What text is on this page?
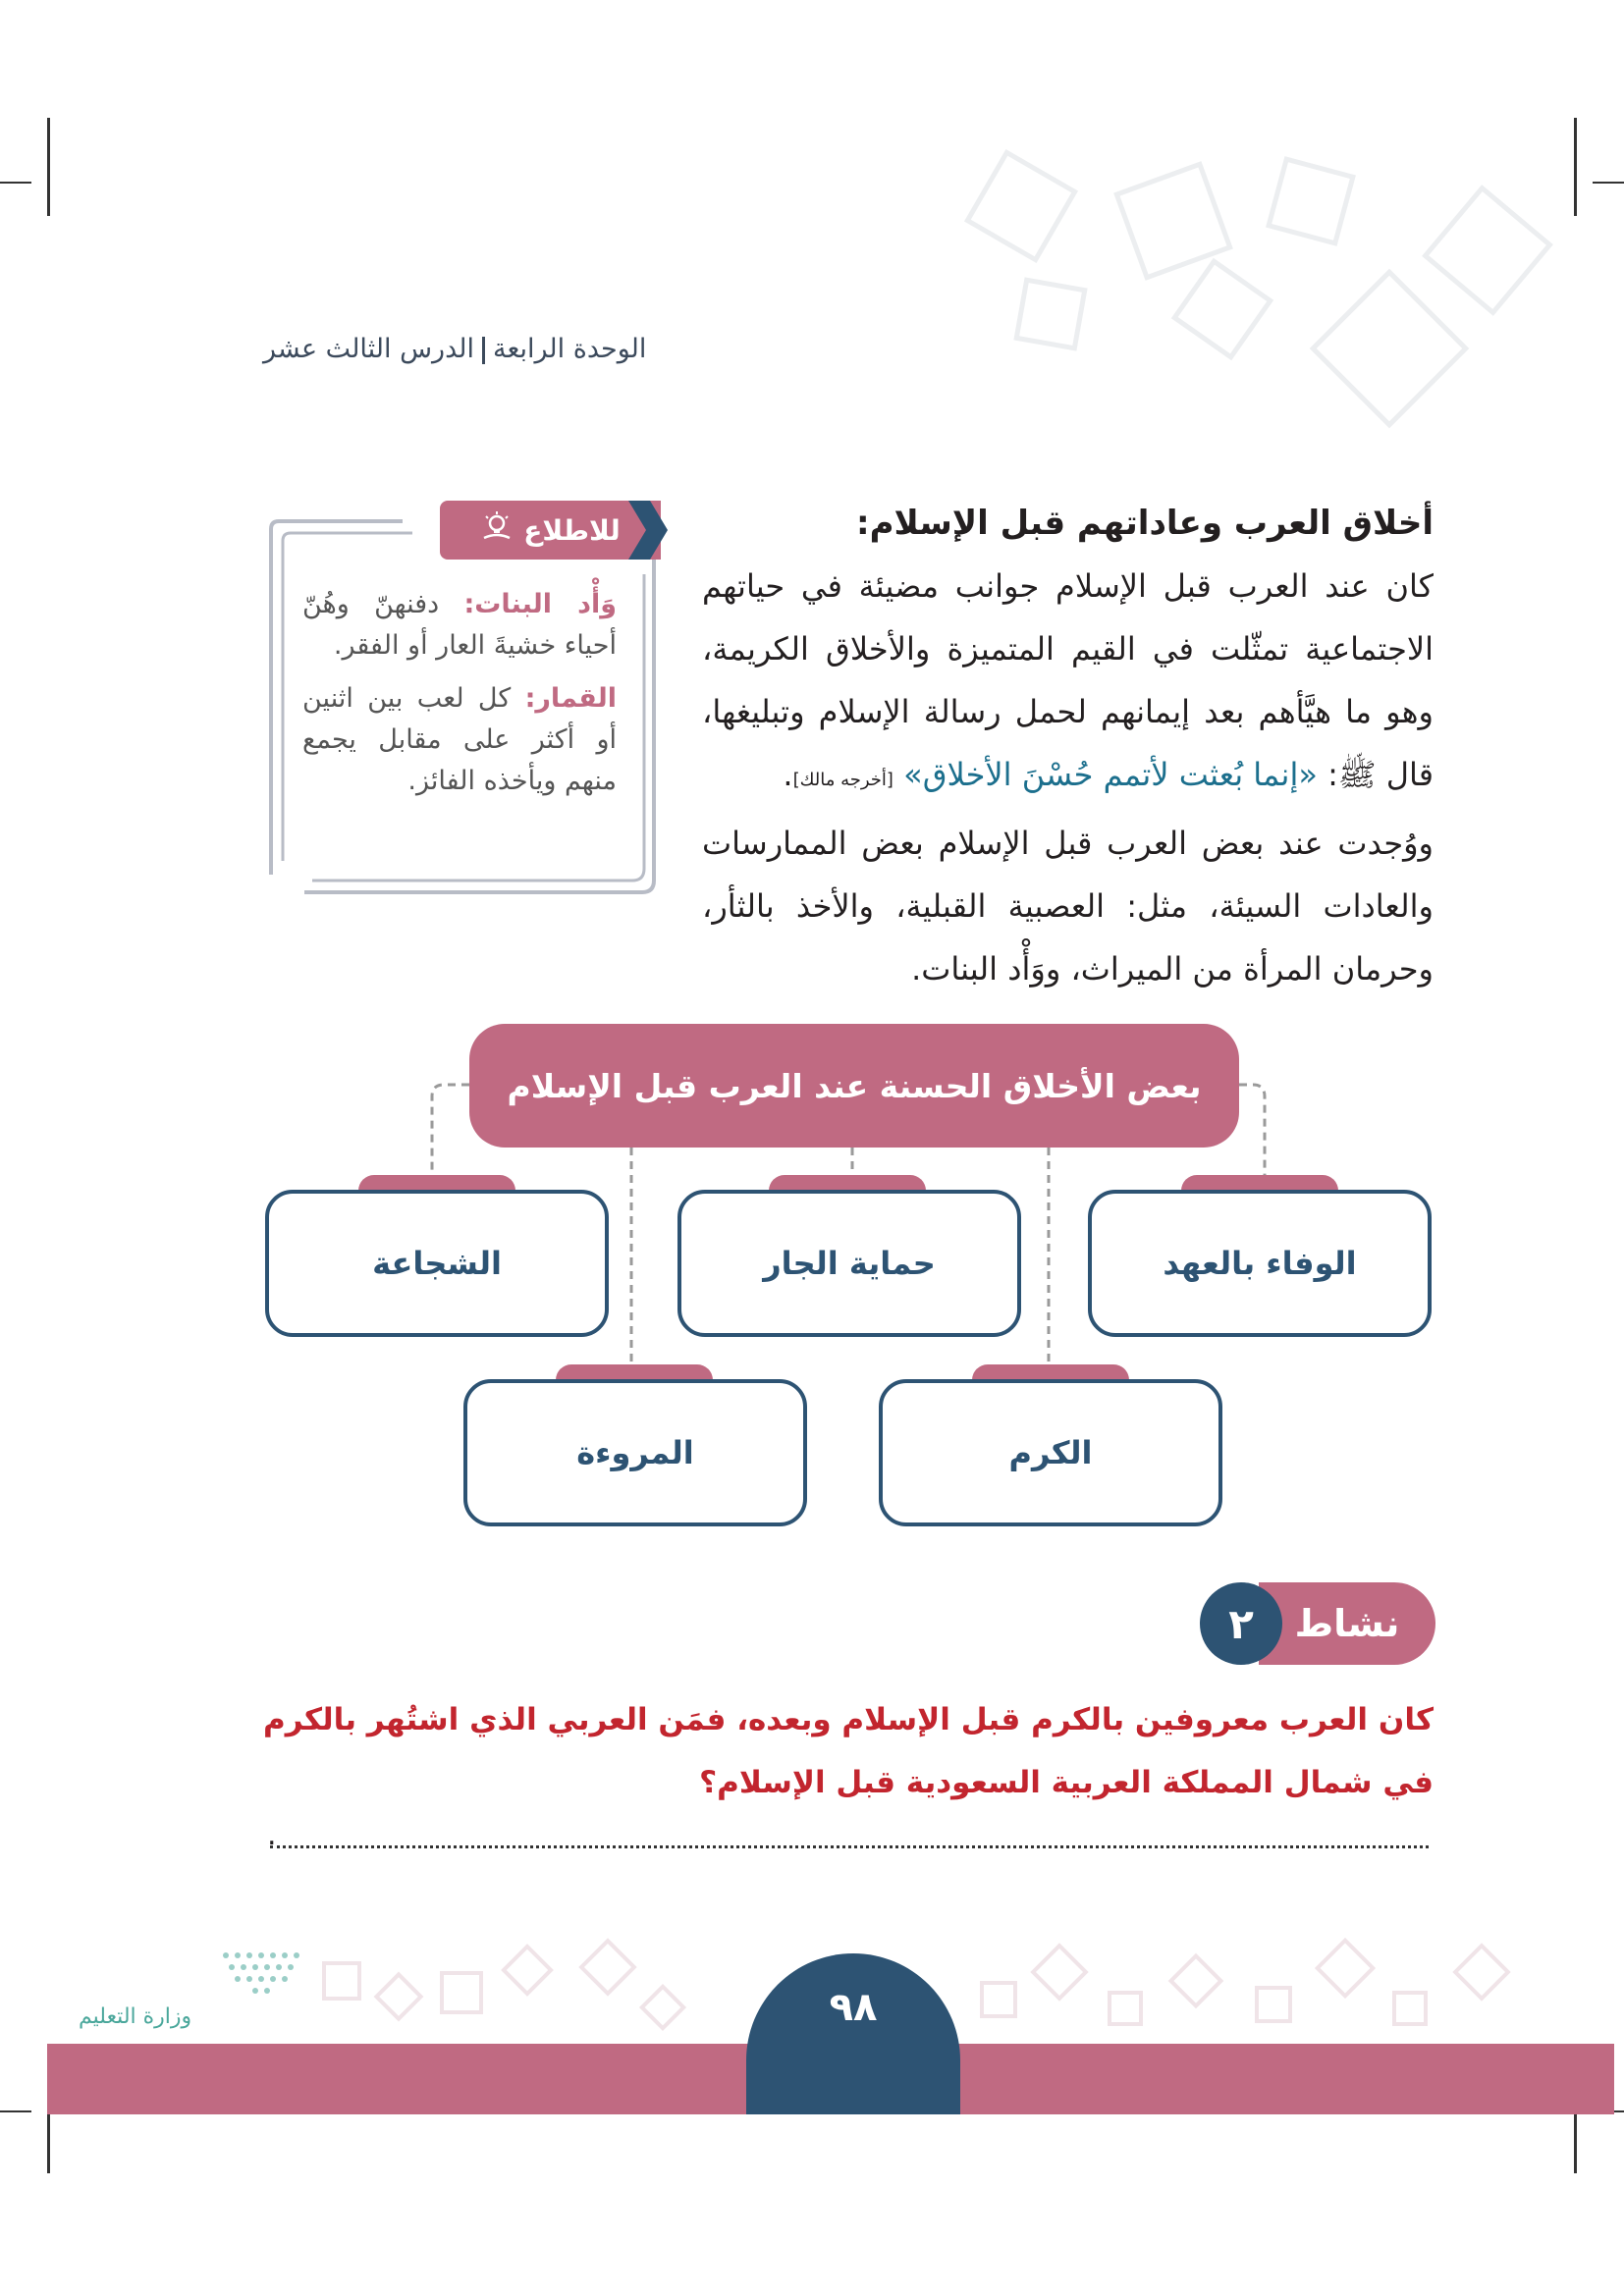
الوحدة الرابعةالدرس الثالث عشر
أخلاق العرب وعاداتهم قبل الإسلام:

كان عند العرب قبل الإسلام جوانب مضيئة في حياتهم الاجتماعية تمثّلت في القيم المتميزة والأخلاق الكريمة، وهو ما هيَّأهم بعد إيمانهم لحمل رسالة الإسلام وتبليغها، قال ﷺ: «إنما بُعثت لأتمم حُسْنَ الأخلاق» [أخرجه مالك].

ووُجدت عند بعض العرب قبل الإسلام بعض الممارسات والعادات السيئة، مثل: العصبية القبلية، والأخذ بالثأر، وحرمان المرأة من الميراث، ووَأْد البنات.

للاطلاع

وَأْد البنات: دفنهنّ وهُنّ أحياء خشيةَ العار أو الفقر.

القمار: كل لعب بين اثنين أو أكثر على مقابل يجمع منهم ويأخذه الفائز.

بعض الأخلاق الحسنة عند العرب قبل الإسلام
الوفاء بالعهد
حماية الجار
الشجاعة
الكرم
المروءة
نشاط
٢
كان العرب معروفين بالكرم قبل الإسلام وبعده، فمَن العربي الذي اشتُهر بالكرم في شمال المملكة العربية السعودية قبل الإسلام؟
.
٩٨
وزارة التعليم
